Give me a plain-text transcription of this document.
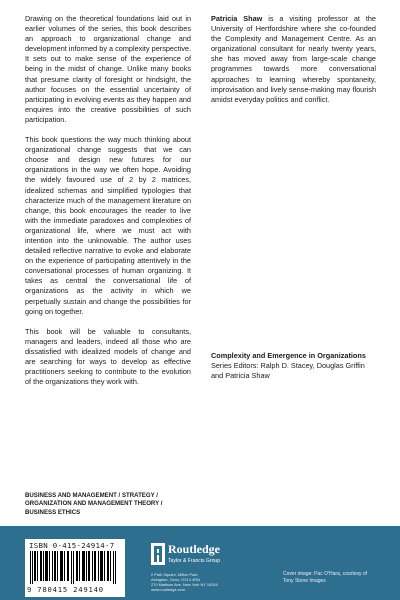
Drawing on the theoretical foundations laid out in earlier volumes of the series, this book describes an approach to organizational change and development informed by a complexity perspective. It sets out to make sense of the experience of being in the midst of change. Unlike many books that presume clarity of foresight or hindsight, the author focuses on the essential uncertainty of participating in evolving events as they happen and enquires into the creative possibilities of such participation.

This book questions the way much thinking about organizational change suggests that we can choose and design new futures for our organizations in the way we often hope. Avoiding the widely favoured use of 2 by 2 matrices, idealized schemas and simplified typologies that characterize much of the management literature on change, this book encourages the reader to live with the immediate paradoxes and complexities of organizational life, where we must act with intention into the unknowable. The author uses detailed reflective narrative to evoke and elaborate on the experience of participating attentively in the conversational processes of human organizing. It takes as central the conversational life of organizations as the activity in which we perpetually sustain and change the possibilities for going on together.

This book will be valuable to consultants, managers and leaders, indeed all those who are dissatisfied with idealized models of change and are searching for ways to develop as effective practitioners seeking to contribute to the evolution of the organizations they work with.

Patricia Shaw is a visiting professor at the University of Hertfordshire where she co-founded the Complexity and Management Centre. As an organizational consultant for nearly twenty years, she has moved away from large-scale change programmes towards more conversational approaches to learning whereby spontaneity, improvisation and lively sense-making may flourish amidst everyday politics and conflict.
Complexity and Emergence in Organizations
Series Editors: Ralph D. Stacey, Douglas Griffin and Patricia Shaw
BUSINESS AND MANAGEMENT / STRATEGY /
ORGANIZATION AND MANAGEMENT THEORY /
BUSINESS ETHICS
ISBN 0-415-24914-7
9 780415 249140
Routledge
Taylor & Francis Group
2 Park Square, Milton Park,
Abingdon, Oxon, OX14 4RN
270 Madison Ave, New York NY 10016
www.routledge.com
Cover image: Pac O'Hara, courtesy of
Tony Stone Images
